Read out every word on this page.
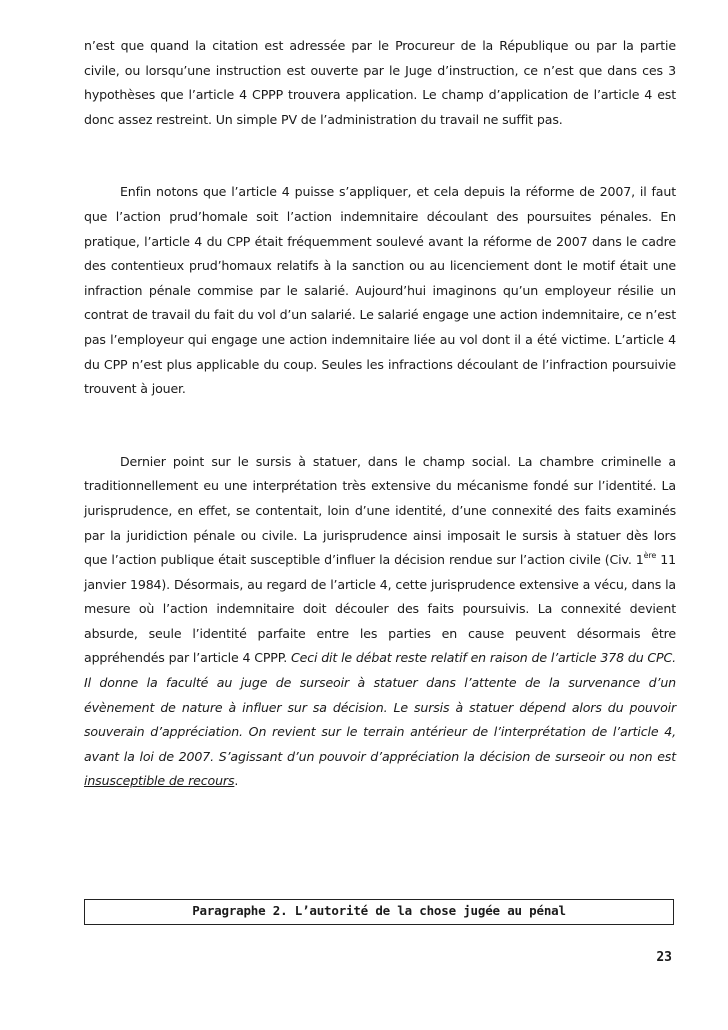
n’est que quand la citation est adressée par le Procureur de la République ou par la partie civile, ou lorsqu’une instruction est ouverte par le Juge d’instruction, ce n’est que dans ces 3 hypothèses que l’article 4 CPPP trouvera application. Le champ d’application de l’article 4 est donc assez restreint. Un simple PV de l’administration du travail ne suffit pas.

Enfin notons que l’article 4 puisse s’appliquer, et cela depuis la réforme de 2007, il faut que l’action prud’homale soit l’action indemnitaire découlant des poursuites pénales. En pratique, l’article 4 du CPP était fréquemment soulevé avant la réforme de 2007 dans le cadre des contentieux prud’homaux relatifs à la sanction ou au licenciement dont le motif était une infraction pénale commise par le salarié. Aujourd’hui imaginons qu’un employeur résilie un contrat de travail du fait du vol d’un salarié. Le salarié engage une action indemnitaire, ce n’est pas l’employeur qui engage une action indemnitaire liée au vol dont il a été victime. L’article 4 du CPP n’est plus applicable du coup. Seules les infractions découlant de l’infraction poursuivie trouvent à jouer.

Dernier point sur le sursis à statuer, dans le champ social. La chambre criminelle a traditionnellement eu une interprétation très extensive du mécanisme fondé sur l’identité. La jurisprudence, en effet, se contentait, loin d’une identité, d’une connexité des faits examinés par la juridiction pénale ou civile. La jurisprudence ainsi imposait le sursis à statuer dès lors que l’action publique était susceptible d’influer la décision rendue sur l’action civile (Civ. 1ère 11 janvier 1984). Désormais, au regard de l’article 4, cette jurisprudence extensive a vécu, dans la mesure où l’action indemnitaire doit découler des faits poursuivis. La connexité devient absurde, seule l’identité parfaite entre les parties en cause peuvent désormais être appréhendés par l’article 4 CPPP. Ceci dit le débat reste relatif en raison de l’article 378 du CPC. Il donne la faculté au juge de surseoir à statuer dans l’attente de la survenance d’un évènement de nature à influer sur sa décision. Le sursis à statuer dépend alors du pouvoir souverain d’appréciation. On revient sur le terrain antérieur de l’interprétation de l’article 4, avant la loi de 2007. S’agissant d’un pouvoir d’appréciation la décision de surseoir ou non est insusceptible de recours.

Paragraphe 2. L’autorité de la chose jugée au pénal
23
